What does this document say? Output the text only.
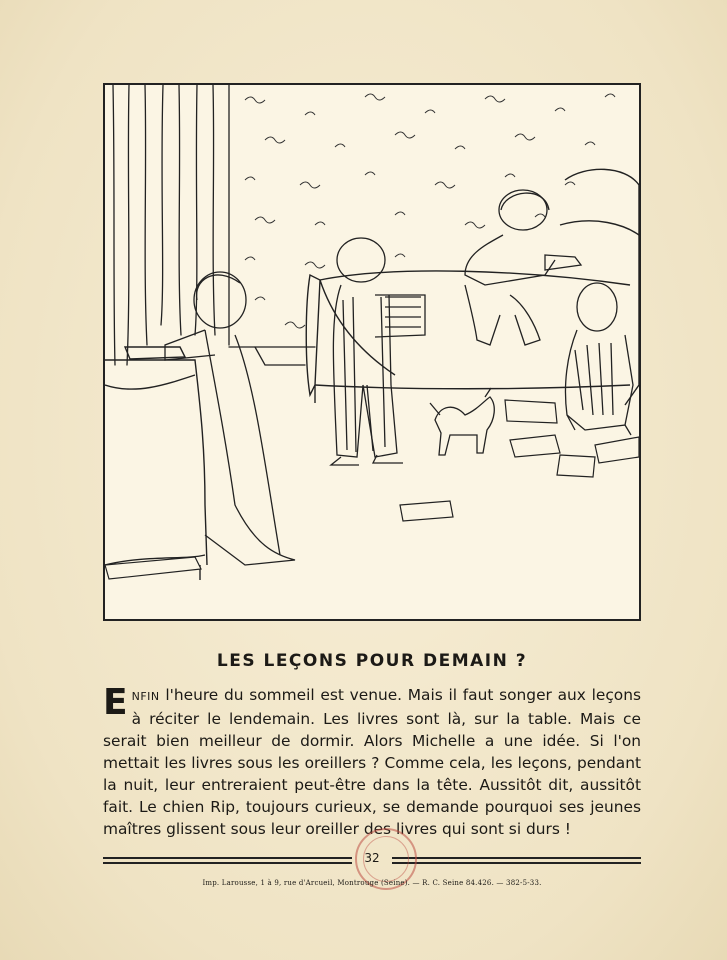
LES LEÇONS POUR DEMAIN ?
ENFIN l'heure du sommeil est venue. Mais il faut songer aux leçons à réciter le lendemain. Les livres sont là, sur la table. Mais ce serait bien meilleur de dormir. Alors Michelle a une idée. Si l'on mettait les livres sous les oreillers ? Comme cela, les leçons, pendant la nuit, leur entreraient peut-être dans la tête. Aussitôt dit, aussitôt fait. Le chien Rip, toujours curieux, se demande pourquoi ses jeunes maîtres glissent sous leur oreiller des livres qui sont si durs !
32
Imp. Larousse, 1 à 9, rue d'Arcueil, Montrouge (Seine). — R. C. Seine 84.426. — 382-5-33.
